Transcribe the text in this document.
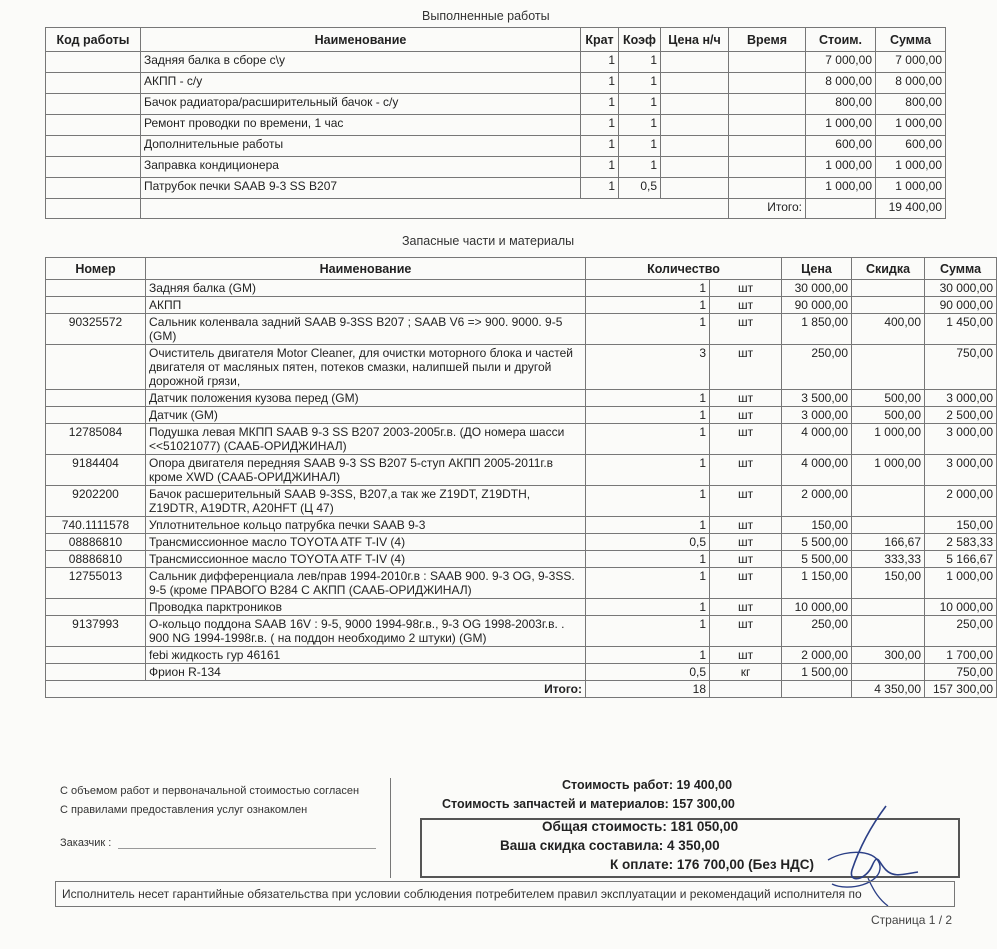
Выполненные работы
Код работы	Наименование	Крат	Коэф	Цена н/ч	Время	Стоим.	Сумма
	Задняя балка в сборе с\у	1	1			7 000,00	7 000,00
	АКПП - с/у	1	1			8 000,00	8 000,00
	Бачок радиатора/расширительный бачок - с/у	1	1			800,00	800,00
	Ремонт проводки по времени, 1 час	1	1			1 000,00	1 000,00
	Дополнительные работы	1	1			600,00	600,00
	Заправка кондиционера	1	1			1 000,00	1 000,00
	Патрубок печки SAAB 9-3 SS B207	1	0,5			1 000,00	1 000,00
					Итого:		19 400,00
Запасные части и материалы
Номер	Наименование	Количество		Цена	Скидка	Сумма
	Задняя балка (GM)	1	шт	30 000,00		30 000,00
	АКПП	1	шт	90 000,00		90 000,00
90325572	Сальник коленвала задний SAAB 9-3SS B207 ; SAAB V6 => 900. 9000. 9-5 (GM)	1	шт	1 850,00	400,00	1 450,00
	Очиститель двигателя Motor Cleaner, для очистки моторного блока и частей двигателя от масляных пятен, потеков смазки, налипшей пыли и другой дорожной грязи,	3	шт	250,00		750,00
	Датчик положения кузова перед (GM)	1	шт	3 500,00	500,00	3 000,00
	Датчик (GM)	1	шт	3 000,00	500,00	2 500,00
12785084	Подушка левая МКПП SAAB 9-3 SS B207 2003-2005г.в. (ДО номера шасси <<51021077) (СААБ-ОРИДЖИНАЛ)	1	шт	4 000,00	1 000,00	3 000,00
9184404	Опора двигателя передняя SAAB 9-3 SS B207 5-ступ АКПП 2005-2011г.в кроме XWD (СААБ-ОРИДЖИНАЛ)	1	шт	4 000,00	1 000,00	3 000,00
9202200	Бачок расшерительный SAAB 9-3SS, B207,а так же Z19DT, Z19DTH, Z19DTR, A19DTR, A20HFT (Ц 47)	1	шт	2 000,00		2 000,00
740.1111578	Уплотнительное кольцо патрубка печки SAAB 9-3	1	шт	150,00		150,00
08886810	Трансмиссионное масло TOYOTA ATF T-IV (4)	0,5	шт	5 500,00	166,67	2 583,33
08886810	Трансмиссионное масло TOYOTA ATF T-IV (4)	1	шт	5 500,00	333,33	5 166,67
12755013	Сальник дифференциала лев/прав 1994-2010г.в : SAAB 900. 9-3 OG, 9-3SS. 9-5 (кроме ПРАВОГО В284 С АКПП (СААБ-ОРИДЖИНАЛ)	1	шт	1 150,00	150,00	1 000,00
	Проводка парктроников	1	шт	10 000,00		10 000,00
9137993	О-кольцо поддона SAAB 16V : 9-5, 9000 1994-98г.в., 9-3 OG 1998-2003г.в. . 900 NG 1994-1998г.в. ( на поддон необходимо 2 штуки) (GM)	1	шт	250,00		250,00
	febi жидкость гур 46161	1	шт	2 000,00	300,00	1 700,00
	Фрион R-134	0,5	кг	1 500,00		750,00
Итого:		18			4 350,00	157 300,00
С объемом работ и первоначальной стоимостью согласен
С правилами предоставления услуг ознакомлен
Заказчик :
Стоимость работ: 19 400,00
Стоимость запчастей и материалов: 157 300,00
Общая стоимость: 181 050,00
Ваша скидка составила: 4 350,00
К оплате: 176 700,00 (Без НДС)
Исполнитель несет гарантийные обязательства при условии соблюдения потребителем правил эксплуатации и рекомендаций исполнителя по
Страница 1 / 2
